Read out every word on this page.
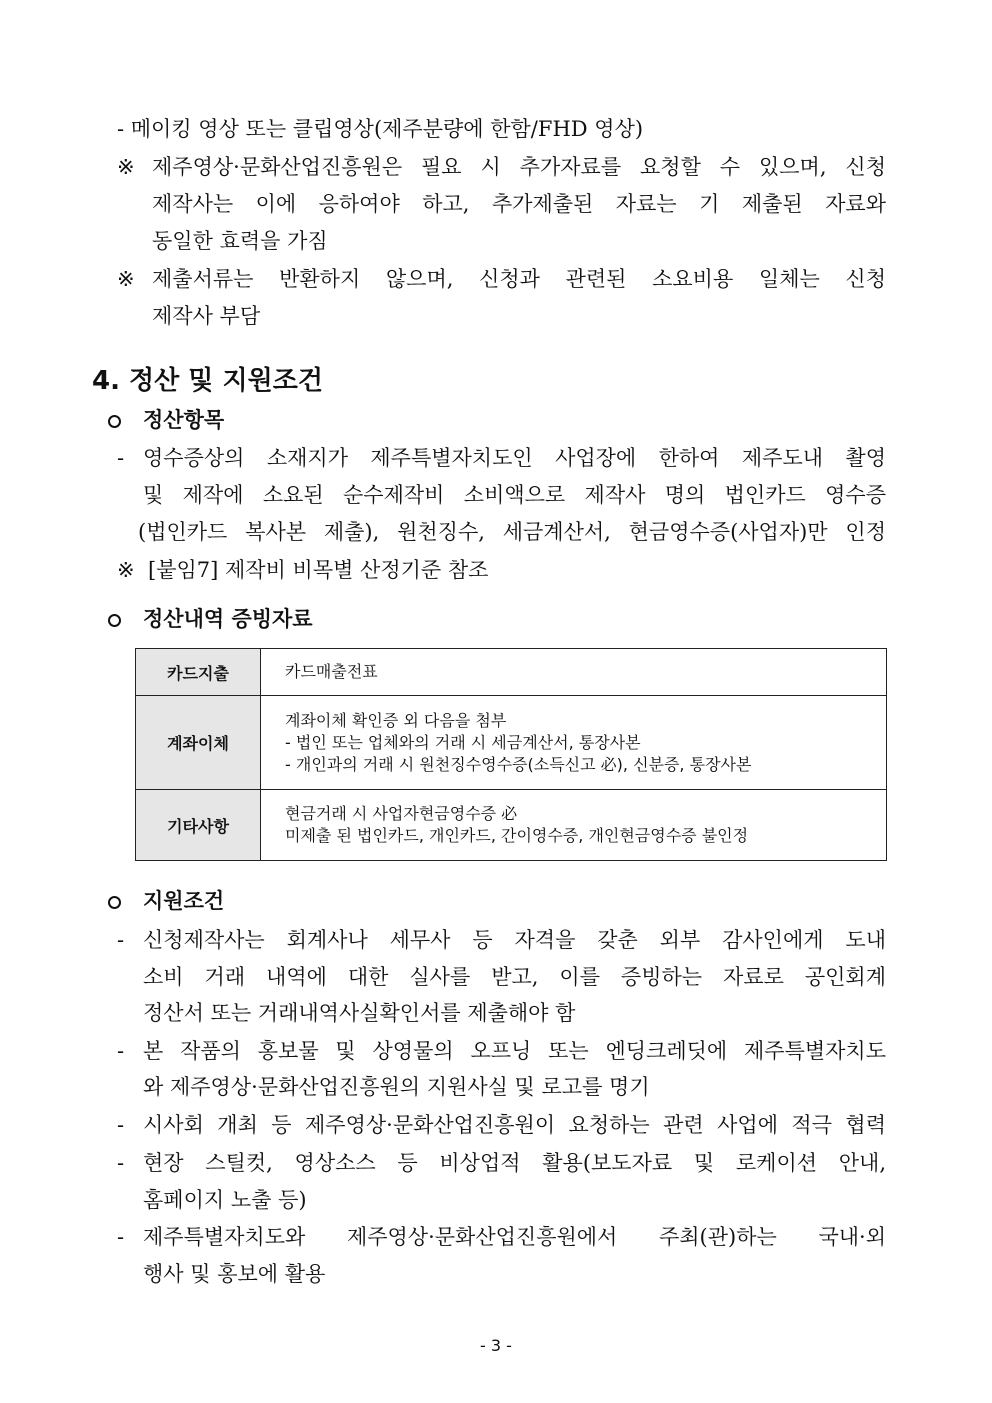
- 메이킹 영상 또는 클립영상(제주분량에 한함/FHD 영상)
※ 제주영상·문화산업진흥원은 필요 시 추가자료를 요청할 수 있으며, 신청
제작사는 이에 응하여야 하고, 추가제출된 자료는 기 제출된 자료와
동일한 효력을 가짐
※ 제출서류는 반환하지 않으며, 신청과 관련된 소요비용 일체는 신청
제작사 부담
4. 정산 및 지원조건
정산항목
- 영수증상의 소재지가 제주특별자치도인 사업장에 한하여 제주도내 촬영
및 제작에 소요된 순수제작비 소비액으로 제작사 명의 법인카드 영수증
(법인카드 복사본 제출), 원천징수, 세금계산서, 현금영수증(사업자)만 인정
※ [붙임7] 제작비 비목별 산정기준 참조
정산내역 증빙자료
카드지출	카드매출전표

계좌이체	계좌이체 확인증 외 다음을 첨부
- 법인 또는 업체와의 거래 시 세금계산서, 통장사본
- 개인과의 거래 시 원천징수영수증(소득신고 必), 신분증, 통장사본

기타사항	현금거래 시 사업자현금영수증 必
미제출 된 법인카드, 개인카드, 간이영수증, 개인현금영수증 불인정
지원조건
- 신청제작사는 회계사나 세무사 등 자격을 갖춘 외부 감사인에게 도내
소비 거래 내역에 대한 실사를 받고, 이를 증빙하는 자료로 공인회계
정산서 또는 거래내역사실확인서를 제출해야 함
- 본 작품의 홍보물 및 상영물의 오프닝 또는 엔딩크레딧에 제주특별자치도
와 제주영상·문화산업진흥원의 지원사실 및 로고를 명기
- 시사회 개최 등 제주영상·문화산업진흥원이 요청하는 관련 사업에 적극 협력
- 현장 스틸컷, 영상소스 등 비상업적 활용(보도자료 및 로케이션 안내,
홈페이지 노출 등)
- 제주특별자치도와 제주영상·문화산업진흥원에서 주최(관)하는 국내·외
행사 및 홍보에 활용
- 3 -
